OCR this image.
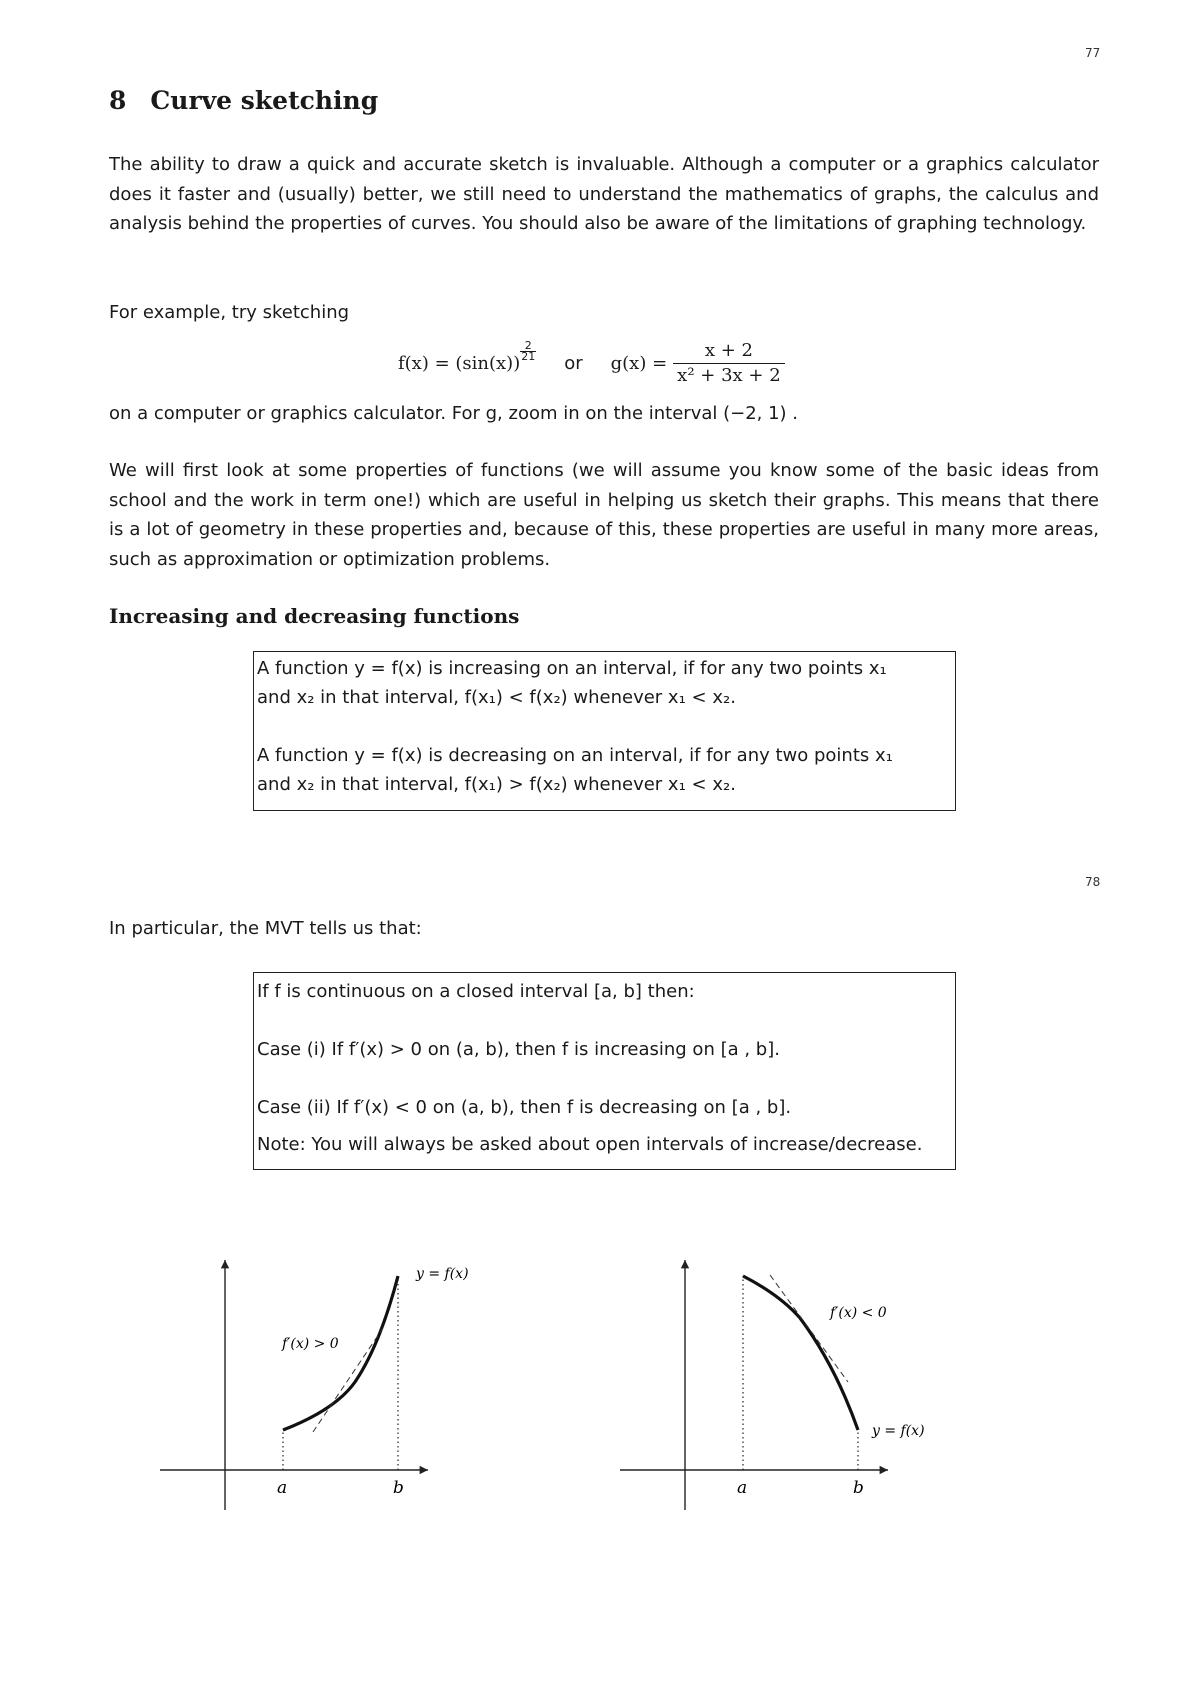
77
8 Curve sketching
The ability to draw a quick and accurate sketch is invaluable. Although a computer or a graphics calculator does it faster and (usually) better, we still need to understand the mathematics of graphs, the calculus and analysis behind the properties of curves. You should also be aware of the limitations of graphing technology.
For example, try sketching
f(x) = (sin(x))
$\frac{2}{21}$
or $g(x) = \frac{x + 2}{\text{x² + 3x + 2}}$
on a computer or graphics calculator. For g, zoom in on the interval (−2, 1) .
We will first look at some properties of functions (we will assume you know some of the basic ideas from school and the work in term one!) which are useful in helping us sketch their graphs. This means that there is a lot of geometry in these properties and, because of this, these properties are useful in many more areas, such as approximation or optimization problems.
Increasing and decreasing functions
A function y = f(x) is increasing on an interval, if for any two points x₁
and x₂ in that interval, f(x₁) < f(x₂) whenever x₁ < x₂.
A function y = f(x) is decreasing on an interval, if for any two points x₁
and x₂ in that interval, f(x₁) > f(x₂) whenever x₁ < x₂.
78
In particular, the MVT tells us that:
If f is continuous on a closed interval [a, b] then:
Case (i) If f′(x) > 0 on (a, b), then f is increasing on [a , b].
Case (ii) If f′(x) < 0 on (a, b), then f is decreasing on [a , b].
Note: You will always be asked about open intervals of increase/decrease.
y = f(x)
f′(x) > 0
a	b
f′(x) < 0
y = f(x)
a	b
